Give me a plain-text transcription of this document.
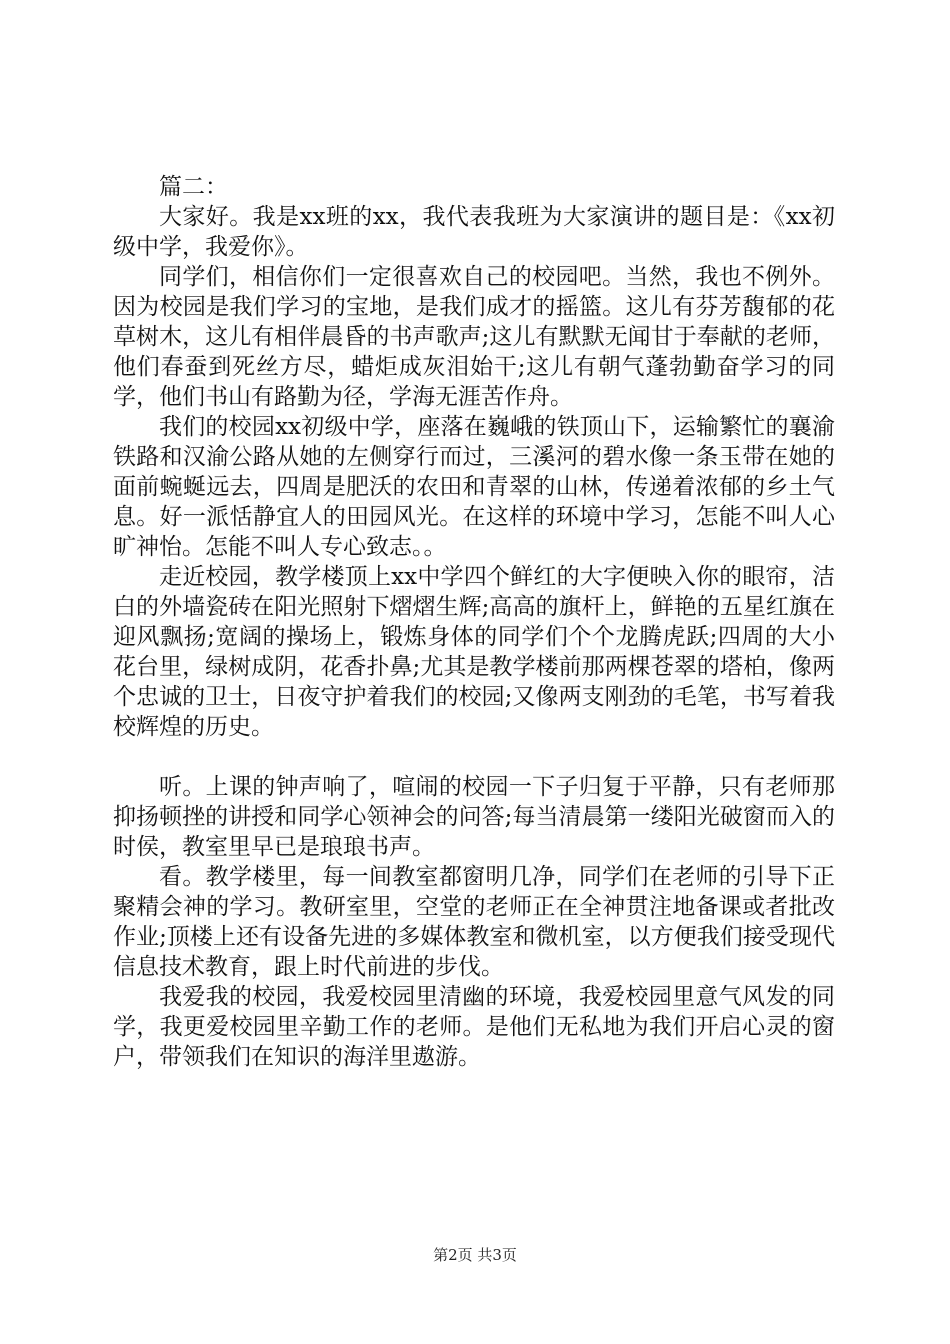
篇二：

大家好。我是xx班的xx，我代表我班为大家演讲的题目是：《xx初级中学，我爱你》。

同学们，相信你们一定很喜欢自己的校园吧。当然，我也不例外。因为校园是我们学习的宝地，是我们成才的摇篮。这儿有芬芳馥郁的花草树木，这儿有相伴晨昏的书声歌声;这儿有默默无闻甘于奉献的老师，他们春蚕到死丝方尽，蜡炬成灰泪始干;这儿有朝气蓬勃勤奋学习的同学，他们书山有路勤为径，学海无涯苦作舟。

我们的校园xx初级中学，座落在巍峨的铁顶山下，运输繁忙的襄渝铁路和汉渝公路从她的左侧穿行而过，三溪河的碧水像一条玉带在她的面前蜿蜒远去，四周是肥沃的农田和青翠的山林，传递着浓郁的乡土气息。好一派恬静宜人的田园风光。在这样的环境中学习，怎能不叫人心旷神怡。怎能不叫人专心致志。。

走近校园，教学楼顶上xx中学四个鲜红的大字便映入你的眼帘，洁白的外墙瓷砖在阳光照射下熠熠生辉;高高的旗杆上，鲜艳的五星红旗在迎风飘扬;宽阔的操场上，锻炼身体的同学们个个龙腾虎跃;四周的大小花台里，绿树成阴，花香扑鼻;尤其是教学楼前那两棵苍翠的塔柏，像两个忠诚的卫士，日夜守护着我们的校园;又像两支刚劲的毛笔，书写着我校辉煌的历史。

听。上课的钟声响了，喧闹的校园一下子归复于平静，只有老师那抑扬顿挫的讲授和同学心领神会的问答;每当清晨第一缕阳光破窗而入的时侯，教室里早已是琅琅书声。

看。教学楼里，每一间教室都窗明几净，同学们在老师的引导下正聚精会神的学习。教研室里，空堂的老师正在全神贯注地备课或者批改作业;顶楼上还有设备先进的多媒体教室和微机室，以方便我们接受现代信息技术教育，跟上时代前进的步伐。

我爱我的校园，我爱校园里清幽的环境，我爱校园里意气风发的同学，我更爱校园里辛勤工作的老师。是他们无私地为我们开启心灵的窗户，带领我们在知识的海洋里遨游。

第2页 共3页
